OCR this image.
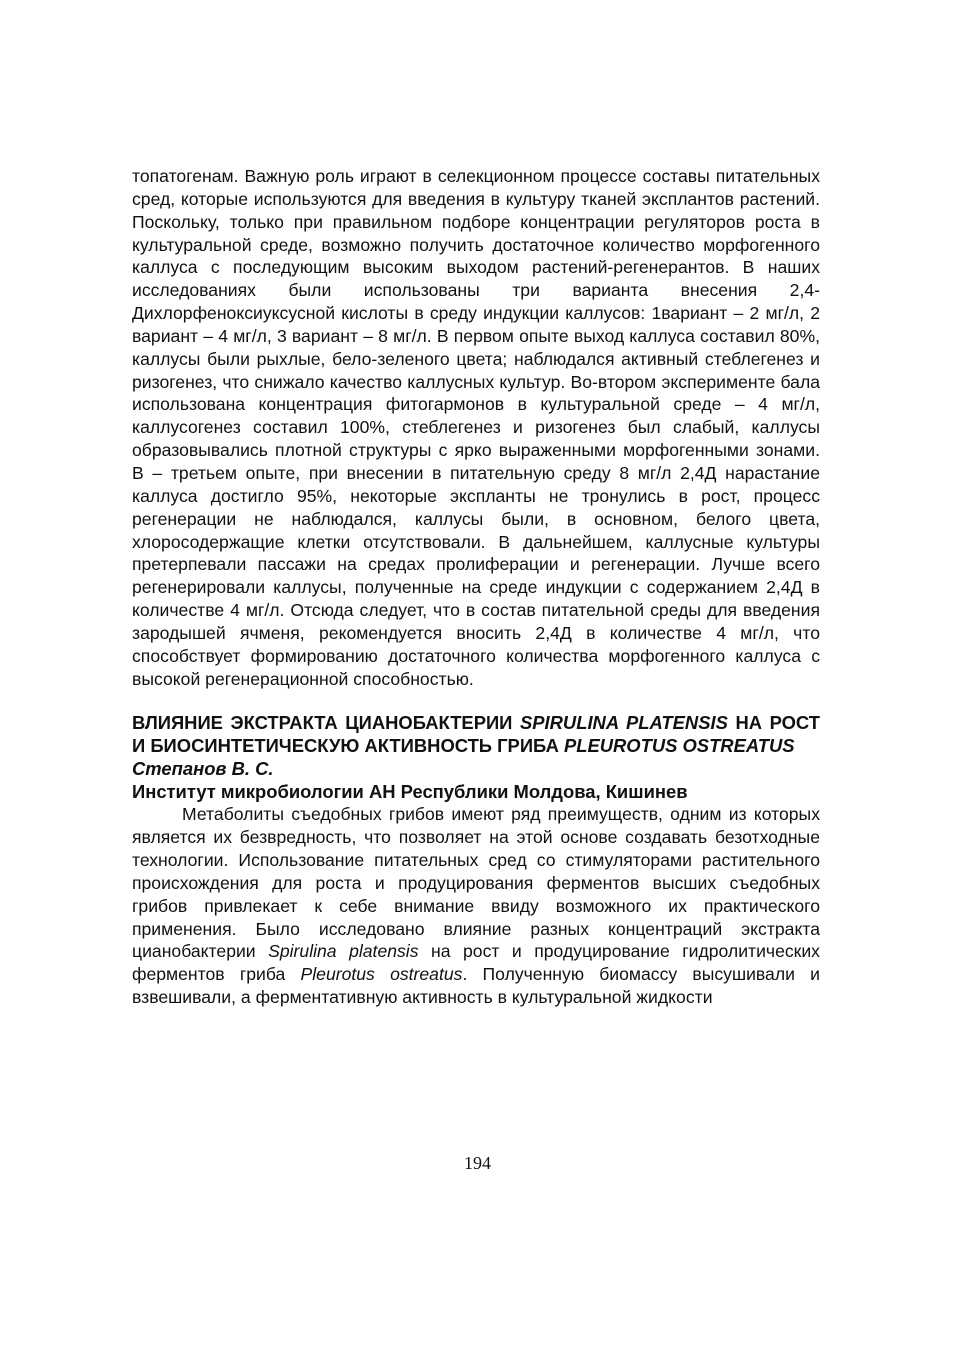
топатогенам. Важную роль играют в селекционном процессе составы питательных сред, которые используются для введения в культуру тканей эксплантов растений. Поскольку, только при правильном подборе концентрации регуляторов роста в культуральной среде, возможно получить достаточное количество морфогенного каллуса с последующим высоким выходом растений-регенерантов. В наших исследованиях были использованы три варианта внесения 2,4-Дихлорфеноксиуксусной кислоты в среду индукции каллусов: 1вариант – 2 мг/л, 2 вариант – 4 мг/л, 3 вариант – 8 мг/л. В первом опыте выход каллуса составил 80%, каллусы были рыхлые, бело-зеленого цвета; наблюдался активный стеблегенез и ризогенез, что снижало качество каллусных культур. Во-втором эксперименте бала использована концентрация фитогармонов в культуральной среде – 4 мг/л, каллусогенез составил 100%, стеблегенез и ризогенез был слабый, каллусы образовывались плотной структуры с ярко выраженными морфогенными зонами. В – третьем опыте, при внесении в питательную среду 8 мг/л 2,4Д нарастание каллуса достигло 95%, некоторые экспланты не тронулись в рост, процесс регенерации не наблюдался, каллусы были, в основном, белого цвета, хлоросодержащие клетки отсутствовали. В дальнейшем, каллусные культуры претерпевали пассажи на средах пролиферации и регенерации. Лучше всего регенерировали каллусы, полученные на среде индукции с содержанием 2,4Д в количестве 4 мг/л. Отсюда следует, что в состав питательной среды для введения зародышей ячменя, рекомендуется вносить 2,4Д в количестве 4 мг/л, что способствует формированию достаточного количества морфогенного каллуса с высокой регенерационной способностью.

ВЛИЯНИЕ ЭКСТРАКТА ЦИАНОБАКТЕРИИ SPIRULINA PLATENSIS НА РОСТ И БИОСИНТЕТИЧЕСКУЮ АКТИВНОСТЬ ГРИБА PLEUROTUS OSTREATUS

Степанов В. С.

Институт микробиологии АН Республики Молдова, Кишинев

Метаболиты съедобных грибов имеют ряд преимуществ, одним из которых является их безвредность, что позволяет на этой основе создавать безотходные технологии. Использование питательных сред со стимуляторами растительного происхождения для роста и продуцирования ферментов высших съедобных грибов привлекает к себе внимание ввиду возможного их практического применения. Было исследовано влияние разных концентраций экстракта цианобактерии Spirulina platensis на рост и продуцирование гидролитических ферментов гриба Pleurotus ostreatus. Полученную биомассу высушивали и взвешивали, а ферментативную активность в культуральной жидкости

194
